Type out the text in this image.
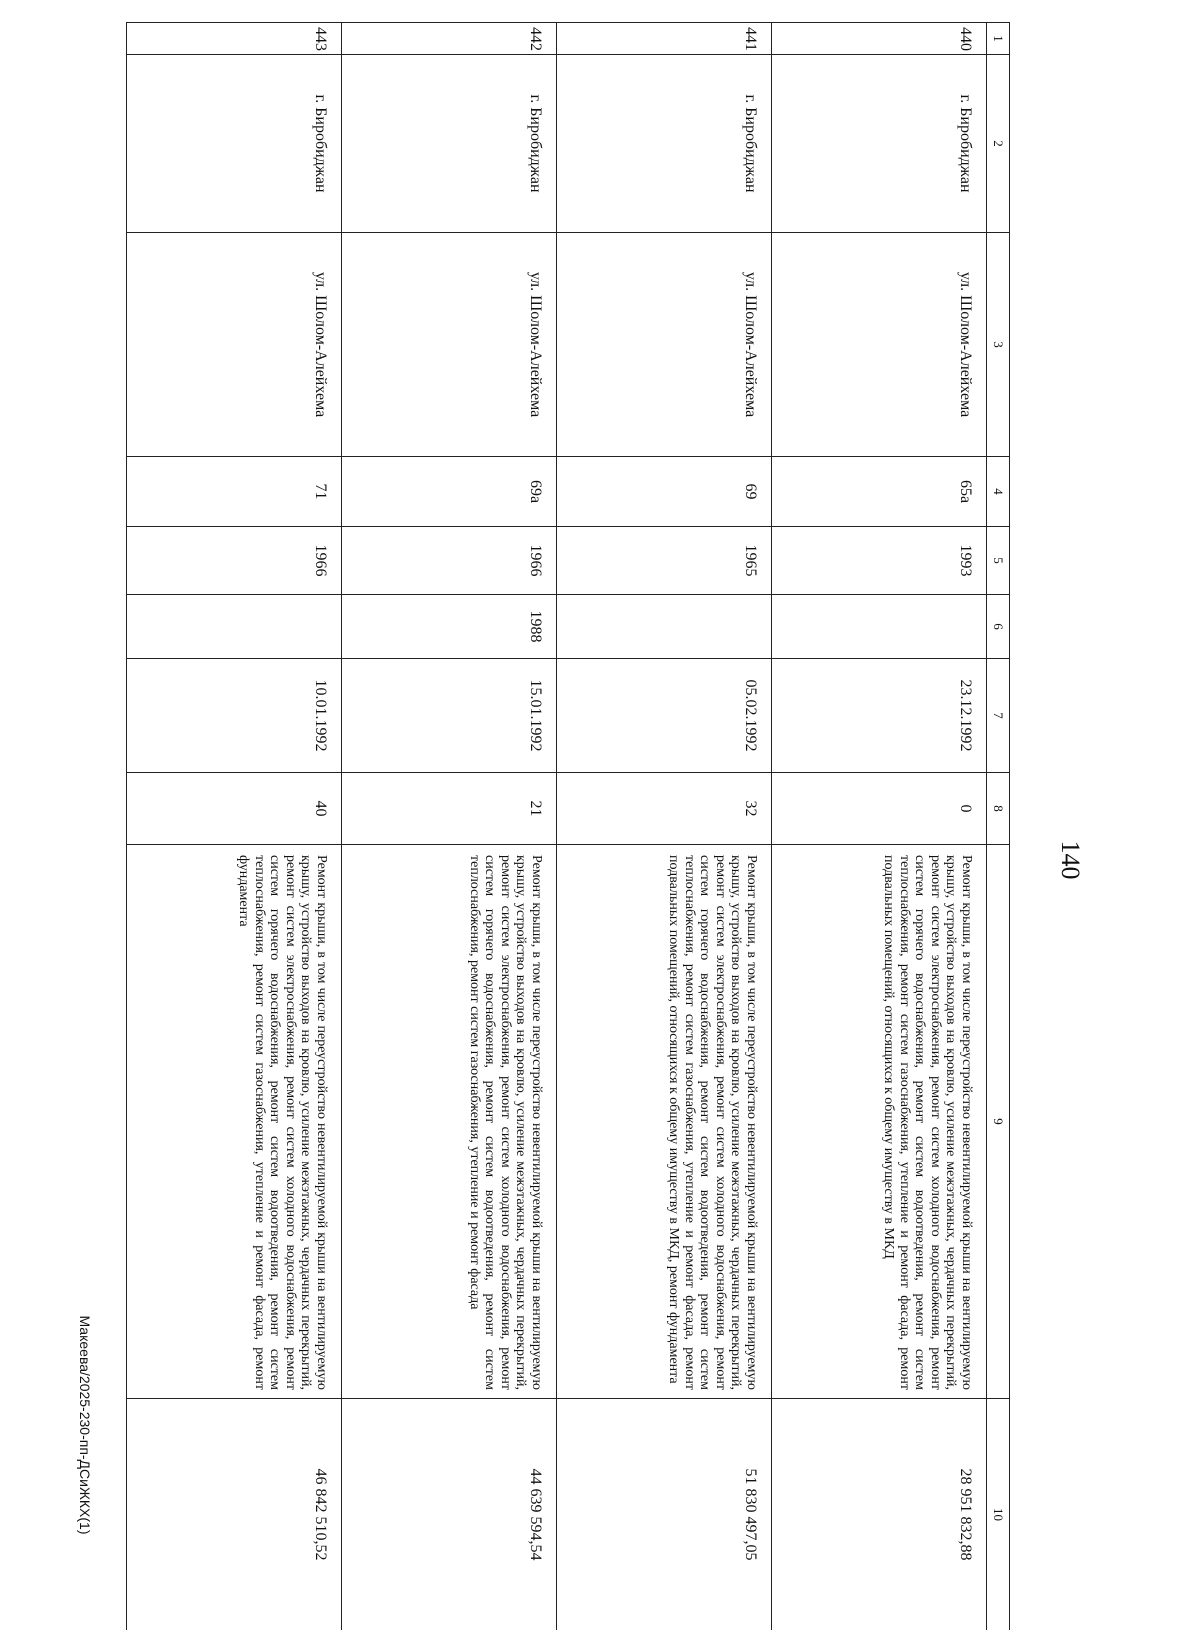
140
Макеева/2025-230-пп-ДСиЖКХ(1)
1	2	3	4	5	6	7	8	9	10
440	г. Биробиджан	ул. Шолом-Алейхема	65а	1993		23.12.1992	0	Ремонт крыши, в том числе переустройство невентилируемой крыши на вентилируемую крышу, устройство выходов на кровлю, усиление межэтажных, чердачных перекрытий, ремонт систем электроснабжения, ремонт систем холодного водоснабжения, ремонт систем горячего водоснабжения, ремонт систем водоотведения, ремонт систем теплоснабжения, ремонт систем газоснабжения, утепление и ремонт фасада, ремонт подвальных помещений, относящихся к общему имуществу в МКД	28 951 832,88
441	г. Биробиджан	ул. Шолом-Алейхема	69	1965		05.02.1992	32	Ремонт крыши, в том числе переустройство невентилируемой крыши на вентилируемую крышу, устройство выходов на кровлю, усиление межэтажных, чердачных перекрытий, ремонт систем электроснабжения, ремонт систем холодного водоснабжения, ремонт систем горячего водоснабжения, ремонт систем водоотведения, ремонт систем теплоснабжения, ремонт систем газоснабжения, утепление и ремонт фасада, ремонт подвальных помещений, относящихся к общему имуществу в МКД, ремонт фундамента	51 830 497,05
442	г. Биробиджан	ул. Шолом-Алейхема	69а	1966	1988	15.01.1992	21	Ремонт крыши, в том числе переустройство невентилируемой крыши на вентилируемую крышу, устройство выходов на кровлю, усиление межэтажных, чердачных перекрытий, ремонт систем электроснабжения, ремонт систем холодного водоснабжения, ремонт систем горячего водоснабжения, ремонт систем водоотведения, ремонт систем теплоснабжения, ремонт систем газоснабжения, утепление и ремонт фасада	44 639 594,54
443	г. Биробиджан	ул. Шолом-Алейхема	71	1966		10.01.1992	40	Ремонт крыши, в том числе переустройство невентилируемой крыши на вентилируемую крышу, устройство выходов на кровлю, усиление межэтажных, чердачных перекрытий, ремонт систем электроснабжения, ремонт систем холодного водоснабжения, ремонт систем горячего водоснабжения, ремонт систем водоотведения, ремонт систем теплоснабжения, ремонт систем газоснабжения, утепление и ремонт фасада, ремонт фундамента	46 842 510,52
